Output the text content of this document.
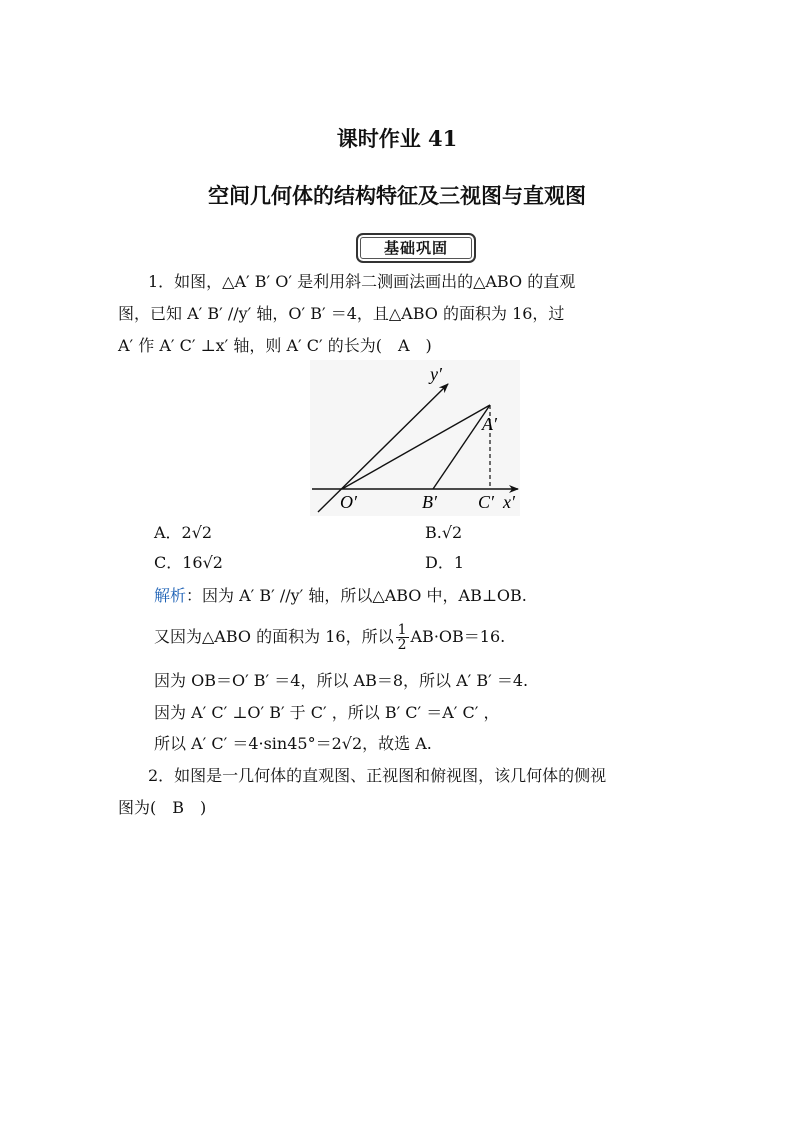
课时作业 41
空间几何体的结构特征及三视图与直观图
基础巩固
1．如图，△A′ B′ O′ 是利用斜二测画法画出的△ABO 的直观
图，已知 A′ B′ //y′ 轴，O′ B′ ＝4，且△ABO 的面积为 16，过
A′ 作 A′ C′ ⊥x′ 轴，则 A′ C′ 的长为(　A　)
y′
x′
O′
A′
B′ C′
A．2√2	B.√2
C．16√2	D．1
解析：因为 A′ B′ //y′ 轴，所以△ABO 中，AB⊥OB.
又因为△ABO 的面积为 16，所以 $\frac{1}{2} AB\cdot OB=16$.
因为 OB＝O′ B′ ＝4，所以 AB＝8，所以 A′ B′ ＝4.
因为 A′ C′ ⊥O′ B′ 于 C′ ，所以 B′ C′ ＝A′ C′ ，
所以 A′ C′ ＝4·sin45°＝2√2，故选 A.
2．如图是一几何体的直观图、正视图和俯视图，该几何体的侧视
图为(　B　)
